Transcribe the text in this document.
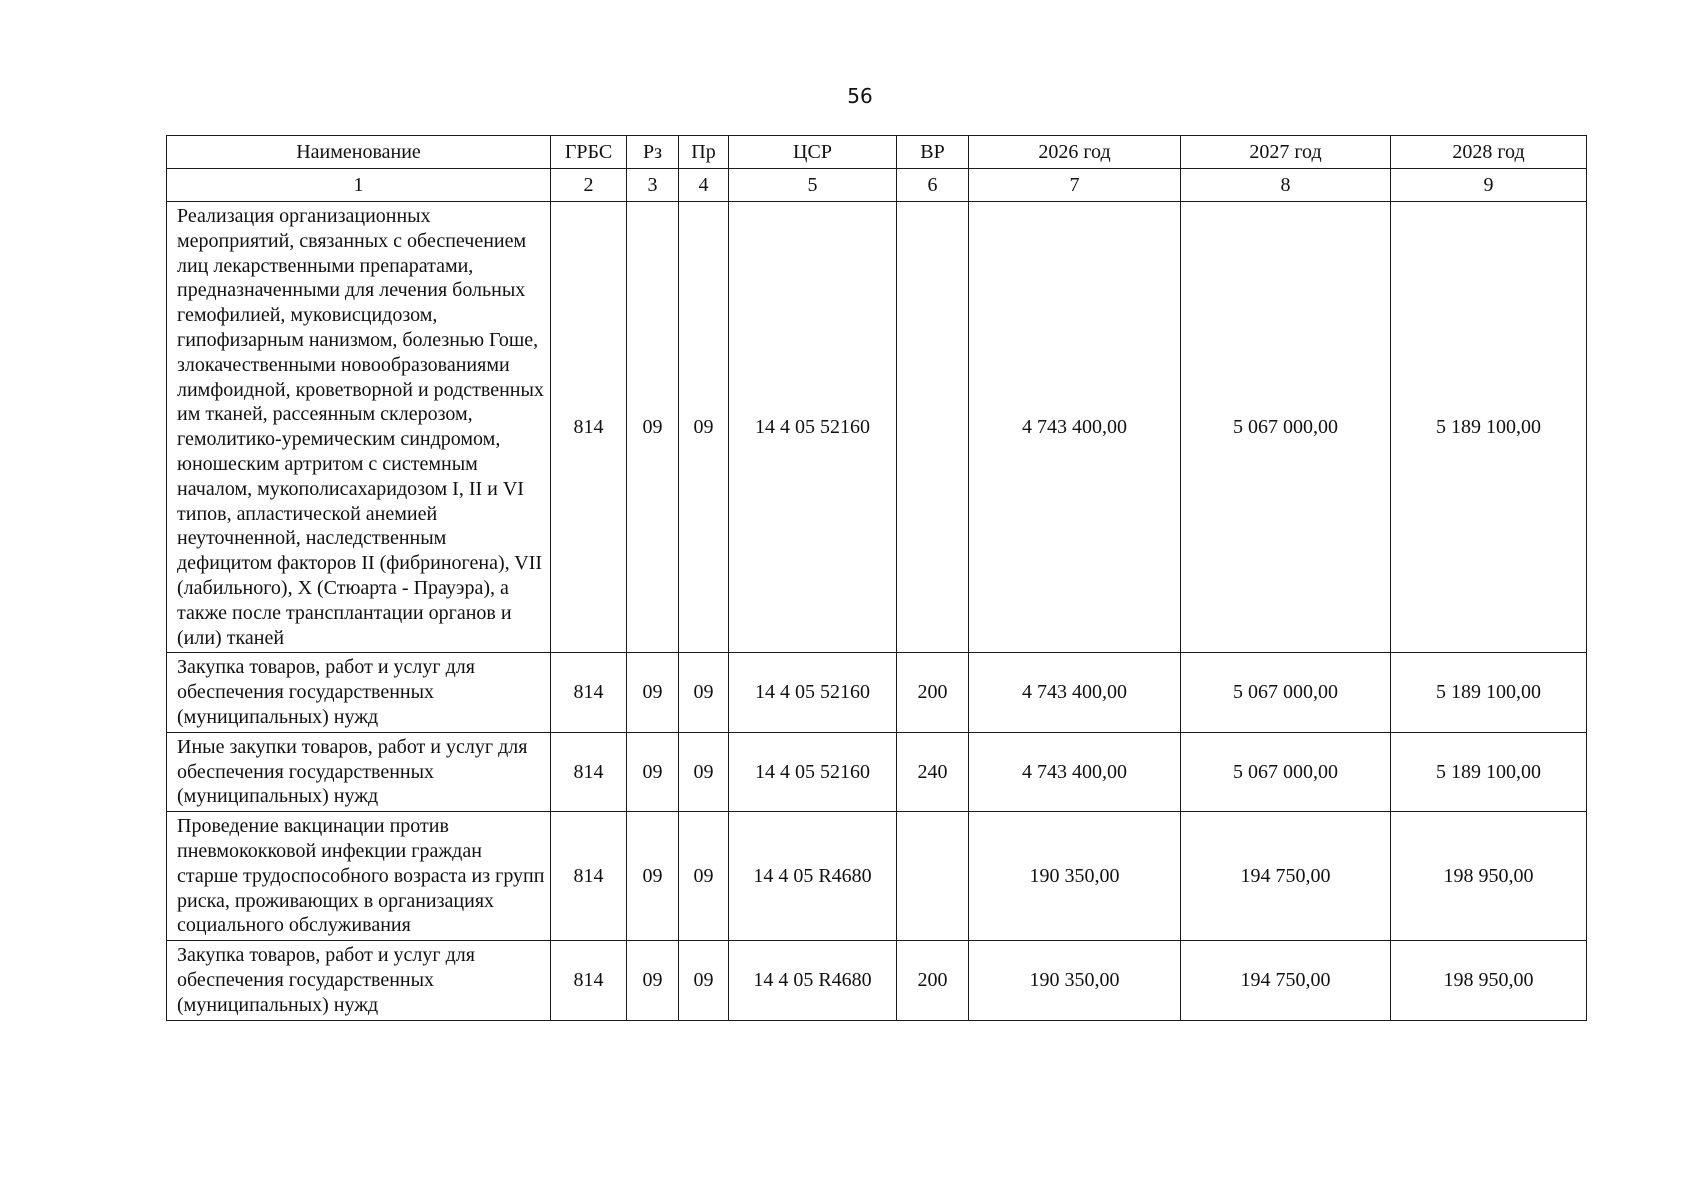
56
Наименование	ГРБС	Рз	Пр	ЦСР	ВР	2026 год	2027 год	2028 год
1	2	3	4	5	6	7	8	9
Реализация организационных мероприятий, связанных с обеспечением лиц лекарственными препаратами, предназначенными для лечения больных гемофилией, муковисцидозом, гипофизарным нанизмом, болезнью Гоше, злокачественными новообразованиями лимфоидной, кроветворной и родственных им тканей, рассеянным склерозом, гемолитико-уремическим синдромом, юношеским артритом с системным началом, мукополисахаридозом I, II и VI типов, апластической анемией неуточненной, наследственным дефицитом факторов II (фибриногена), VII (лабильного), X (Стюарта - Прауэра), а также после трансплантации органов и (или) тканей	814	09	09	14 4 05 52160		4 743 400,00	5 067 000,00	5 189 100,00
Закупка товаров, работ и услуг для обеспечения государственных (муниципальных) нужд	814	09	09	14 4 05 52160	200	4 743 400,00	5 067 000,00	5 189 100,00
Иные закупки товаров, работ и услуг для обеспечения государственных (муниципальных) нужд	814	09	09	14 4 05 52160	240	4 743 400,00	5 067 000,00	5 189 100,00
Проведение вакцинации против пневмококковой инфекции граждан старше трудоспособного возраста из групп риска, проживающих в организациях социального обслуживания	814	09	09	14 4 05 R4680		190 350,00	194 750,00	198 950,00
Закупка товаров, работ и услуг для обеспечения государственных (муниципальных) нужд	814	09	09	14 4 05 R4680	200	190 350,00	194 750,00	198 950,00
